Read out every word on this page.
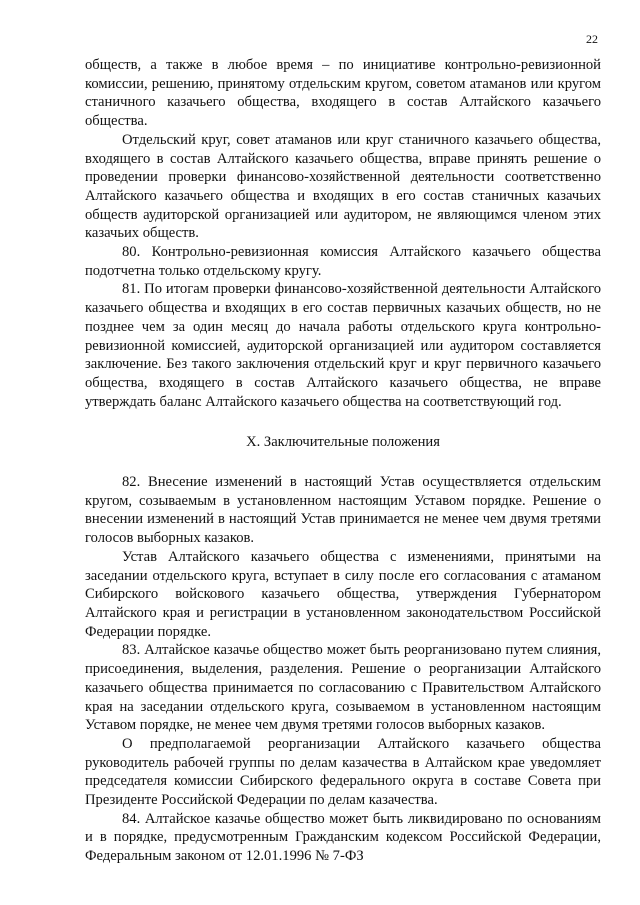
22

обществ, а также в любое время – по инициативе контрольно-ревизионной комиссии, решению, принятому отдельским кругом, советом атаманов или кругом станичного казачьего общества, входящего в состав Алтайского казачьего общества.

Отдельский круг, совет атаманов или круг станичного казачьего общества, входящего в состав Алтайского казачьего общества, вправе принять решение о проведении проверки финансово-хозяйственной деятельности соответственно Алтайского казачьего общества и входящих в его состав станичных казачьих обществ аудиторской организацией или аудитором, не являющимся членом этих казачьих обществ.

80. Контрольно-ревизионная комиссия Алтайского казачьего общества подотчетна только отдельскому кругу.

81. По итогам проверки финансово-хозяйственной деятельности Алтайского казачьего общества и входящих в его состав первичных казачьих обществ, но не позднее чем за один месяц до начала работы отдельского круга контрольно-ревизионной комиссией, аудиторской организацией или аудитором составляется заключение. Без такого заключения отдельский круг и круг первичного казачьего общества, входящего в состав Алтайского казачьего общества, не вправе утверждать баланс Алтайского казачьего общества на соответствующий год.

X. Заключительные положения

82. Внесение изменений в настоящий Устав осуществляется отдельским кругом, созываемым в установленном настоящим Уставом порядке. Решение о внесении изменений в настоящий Устав принимается не менее чем двумя третями голосов выборных казаков.

Устав Алтайского казачьего общества с изменениями, принятыми на заседании отдельского круга, вступает в силу после его согласования с атаманом Сибирского войскового казачьего общества, утверждения Губернатором Алтайского края и регистрации в установленном законодательством Российской Федерации порядке.

83. Алтайское казачье общество может быть реорганизовано путем слияния, присоединения, выделения, разделения. Решение о реорганизации Алтайского казачьего общества принимается по согласованию с Правительством Алтайского края на заседании отдельского круга, созываемом в установленном настоящим Уставом порядке, не менее чем двумя третями голосов выборных казаков.

О предполагаемой реорганизации Алтайского казачьего общества руководитель рабочей группы по делам казачества в Алтайском крае уведомляет председателя комиссии Сибирского федерального округа в составе Совета при Президенте Российской Федерации по делам казачества.

84. Алтайское казачье общество может быть ликвидировано по основаниям и в порядке, предусмотренным Гражданским кодексом Российской Федерации, Федеральным законом от 12.01.1996 № 7-ФЗ
